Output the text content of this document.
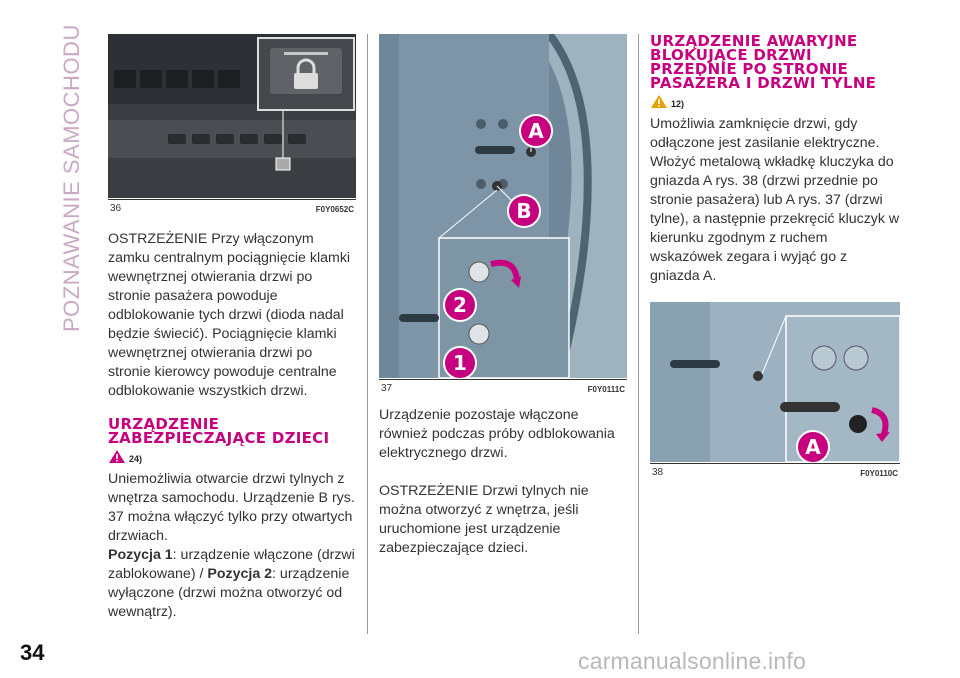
POZNAWANIE SAMOCHODU
34
36	F0Y0652C

OSTRZEŻENIE Przy włączonym zamku centralnym pociągnięcie klamki wewnętrznej otwierania drzwi po stronie pasażera powoduje odblokowanie tych drzwi (dioda nadal będzie świecić). Pociągnięcie klamki wewnętrznej otwierania drzwi po stronie kierowcy powoduje centralne odblokowanie wszystkich drzwi.

URZĄDZENIE ZABEZPIECZAJĄCE DZIECI
24)

Uniemożliwia otwarcie drzwi tylnych z wnętrza samochodu. Urządzenie B rys. 37 można włączyć tylko przy otwartych drzwiach.

Pozycja 1: urządzenie włączone (drzwi zablokowane) / Pozycja 2: urządzenie wyłączone (drzwi można otworzyć od wewnątrz).

A
B
2
1
37	F0Y0111C

Urządzenie pozostaje włączone również podczas próby odblokowania elektrycznego drzwi.

OSTRZEŻENIE Drzwi tylnych nie można otworzyć z wnętrza, jeśli uruchomione jest urządzenie zabezpieczające dzieci.

URZĄDZENIE AWARYJNE BLOKUJĄCE DRZWI PRZEDNIE PO STRONIE PASAŻERA I DRZWI TYLNE
12)

Umożliwia zamknięcie drzwi, gdy odłączone jest zasilanie elektryczne. Włożyć metalową wkładkę kluczyka do gniazda A rys. 38 (drzwi przednie po stronie pasażera) lub A rys. 37 (drzwi tylne), a następnie przekręcić kluczyk w kierunku zgodnym z ruchem wskazówek zegara i wyjąć go z gniazda A.

A
38	F0Y0110C
carmanualsonline.info
